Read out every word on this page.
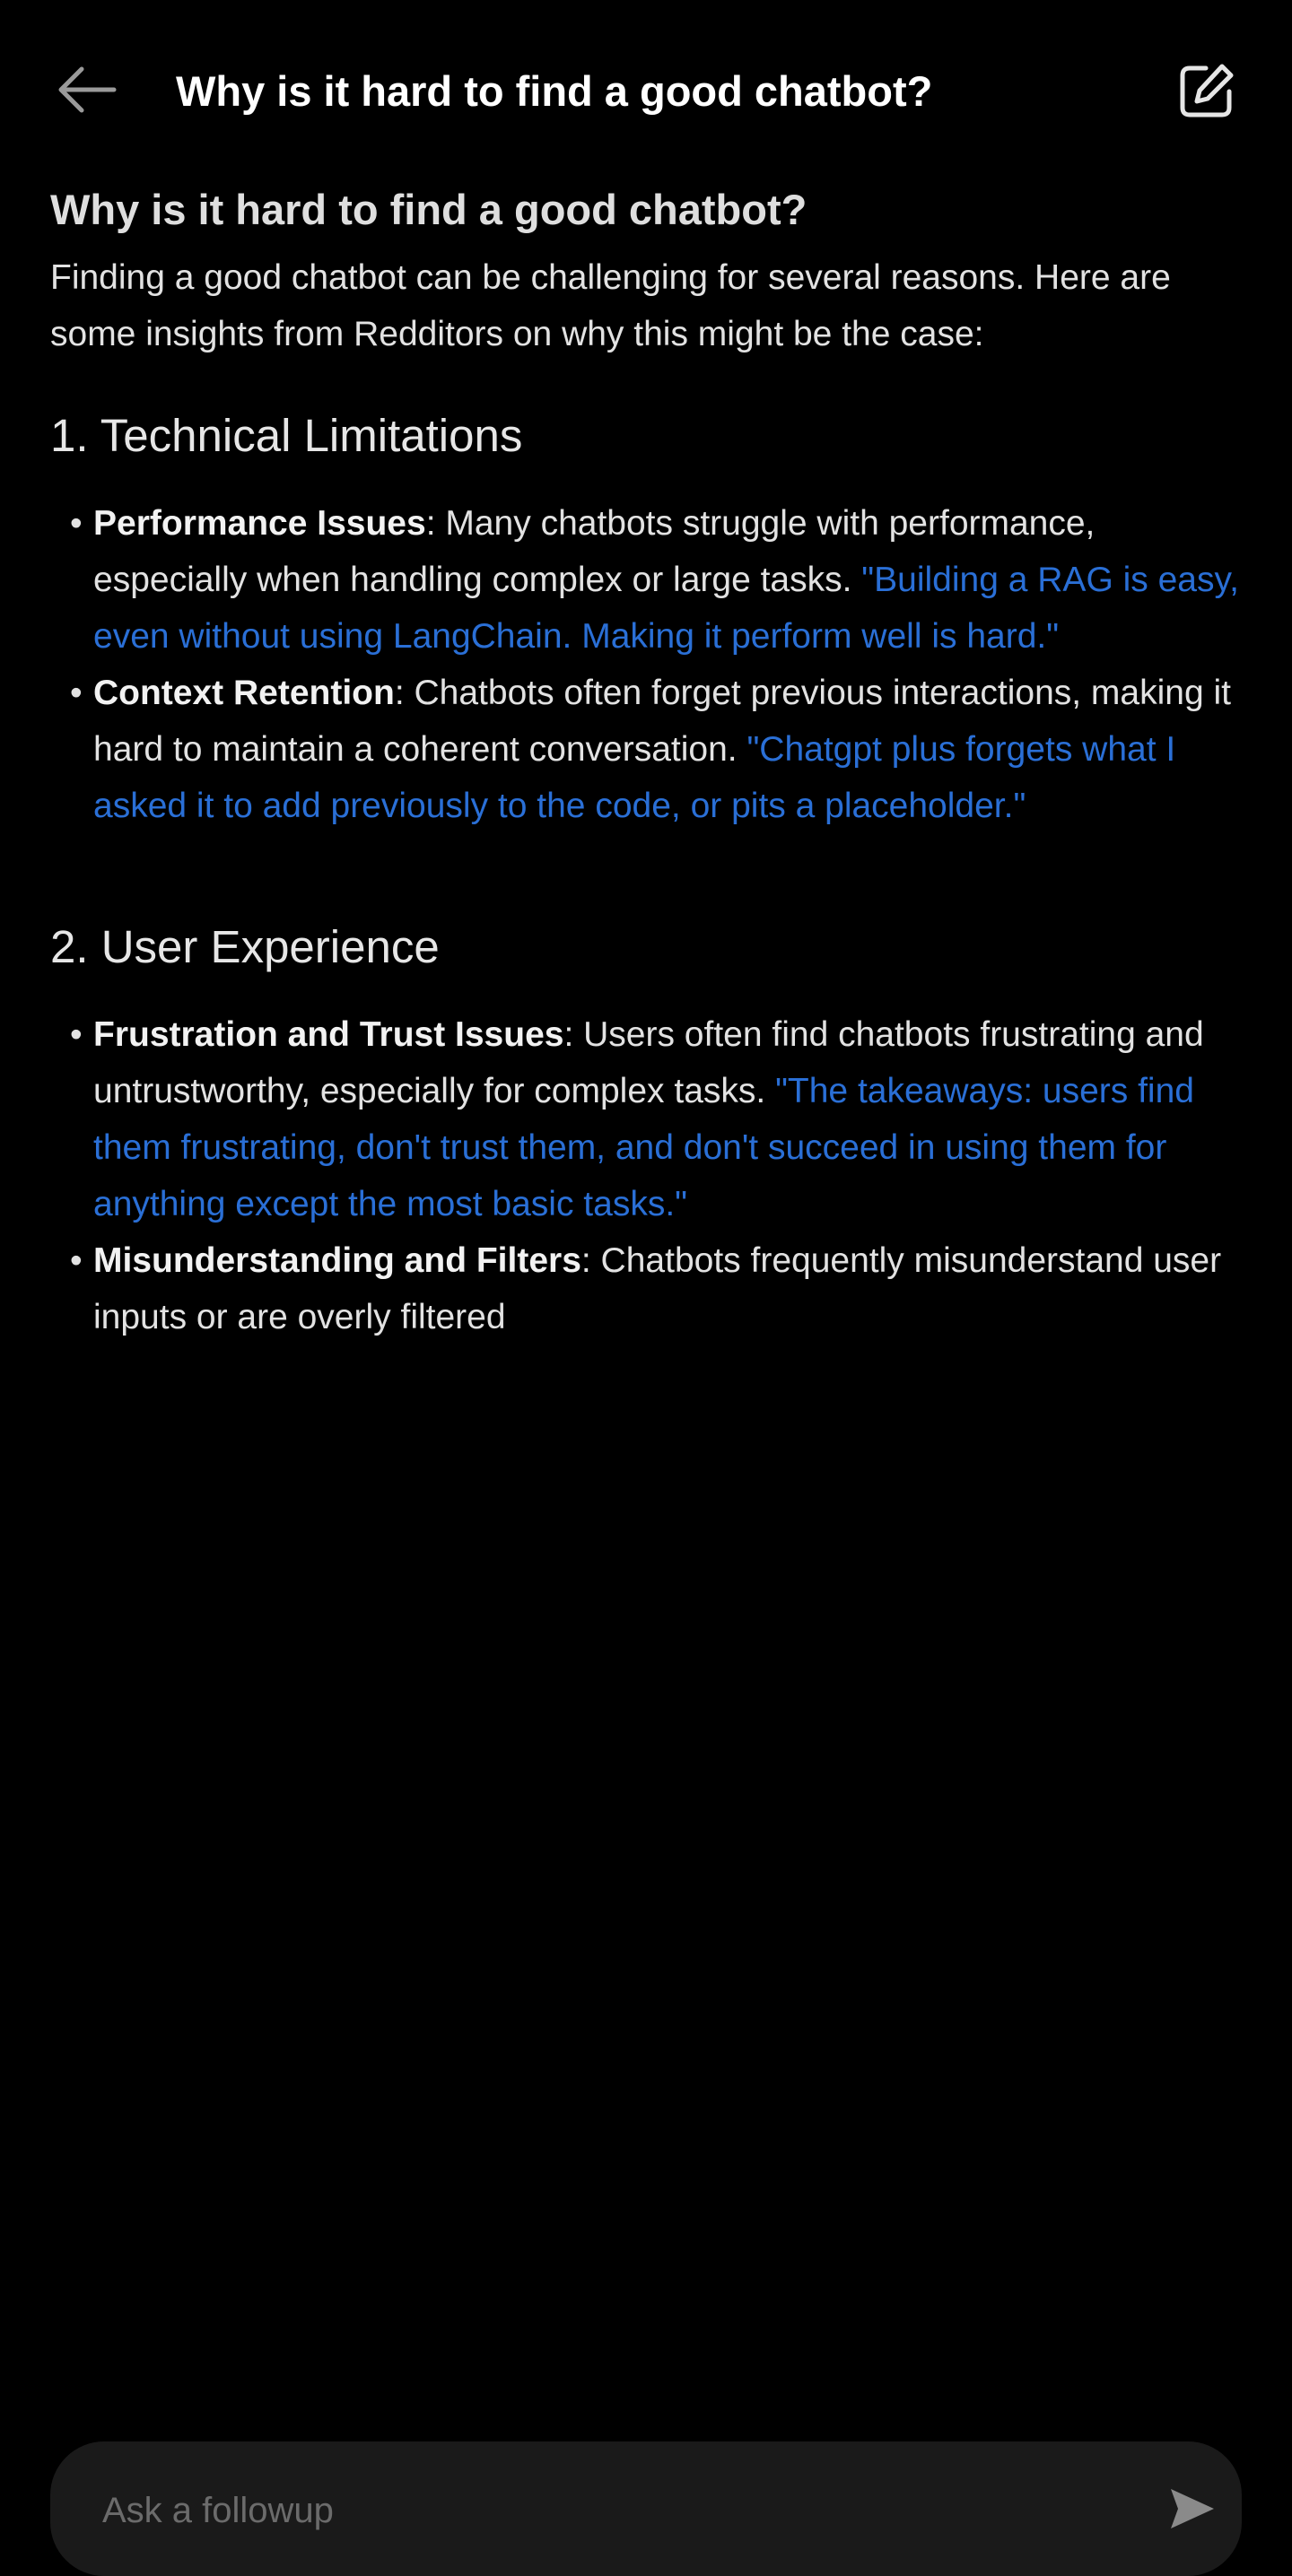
Why is it hard to find a good chatbot?
Why is it hard to find a good chatbot?

Finding a good chatbot can be challenging for several reasons. Here are some insights from Redditors on why this might be the case:

1. Technical Limitations
• Performance Issues: Many chatbots struggle with performance, especially when handling complex or large tasks. "Building a RAG is easy, even without using LangChain. Making it perform well is hard."
• Context Retention: Chatbots often forget previous interactions, making it hard to maintain a coherent conversation. "Chatgpt plus forgets what I asked it to add previously to the code, or pits a placeholder."
2. User Experience
• Frustration and Trust Issues: Users often find chatbots frustrating and untrustworthy, especially for complex tasks. "The takeaways: users find them frustrating, don't trust them, and don't succeed in using them for anything except the most basic tasks."
• Misunderstanding and Filters: Chatbots frequently misunderstand user inputs or are overly filtered
Ask a followup
